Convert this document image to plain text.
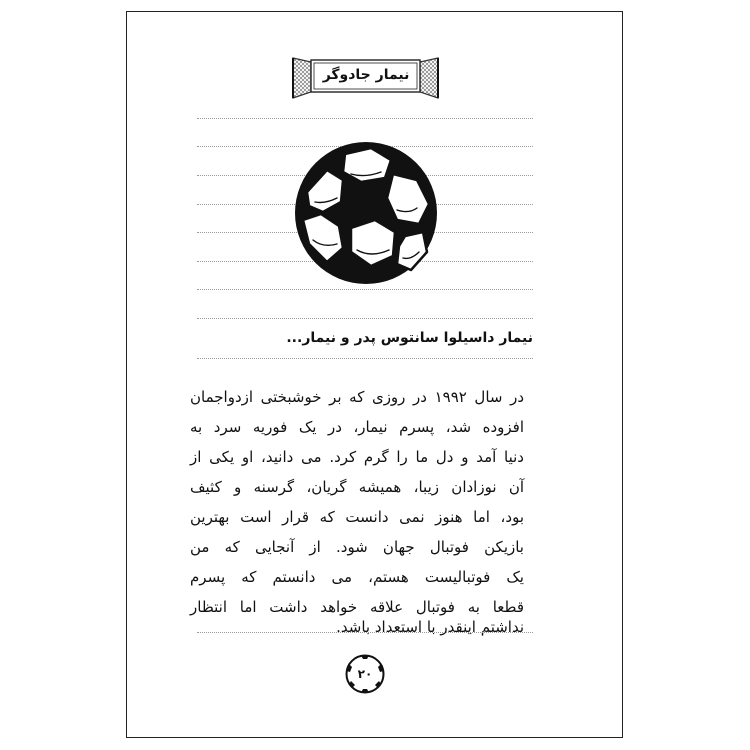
نیمار جادوگر
نیمار داسیلوا سانتوس پدر و نیمار...
در سال ۱۹۹۲ در روزی که بر خوشبختی ازدواجمان
افزوده شد، پسرم نیمار، در یک فوریه سرد به
دنیا آمد و دل ما را گرم کرد. می دانید، او یکی از
آن نوزادان زیبا، همیشه گریان، گرسنه و کثیف
بود، اما هنوز نمی دانست که قرار است بهترین
بازیکن فوتبال جهان شود. از آنجایی که من
یک فوتبالیست هستم، می دانستم که پسرم
قطعا به فوتبال علاقه خواهد داشت اما انتظار
نداشتم اینقدر با استعداد باشد.
۲۰
